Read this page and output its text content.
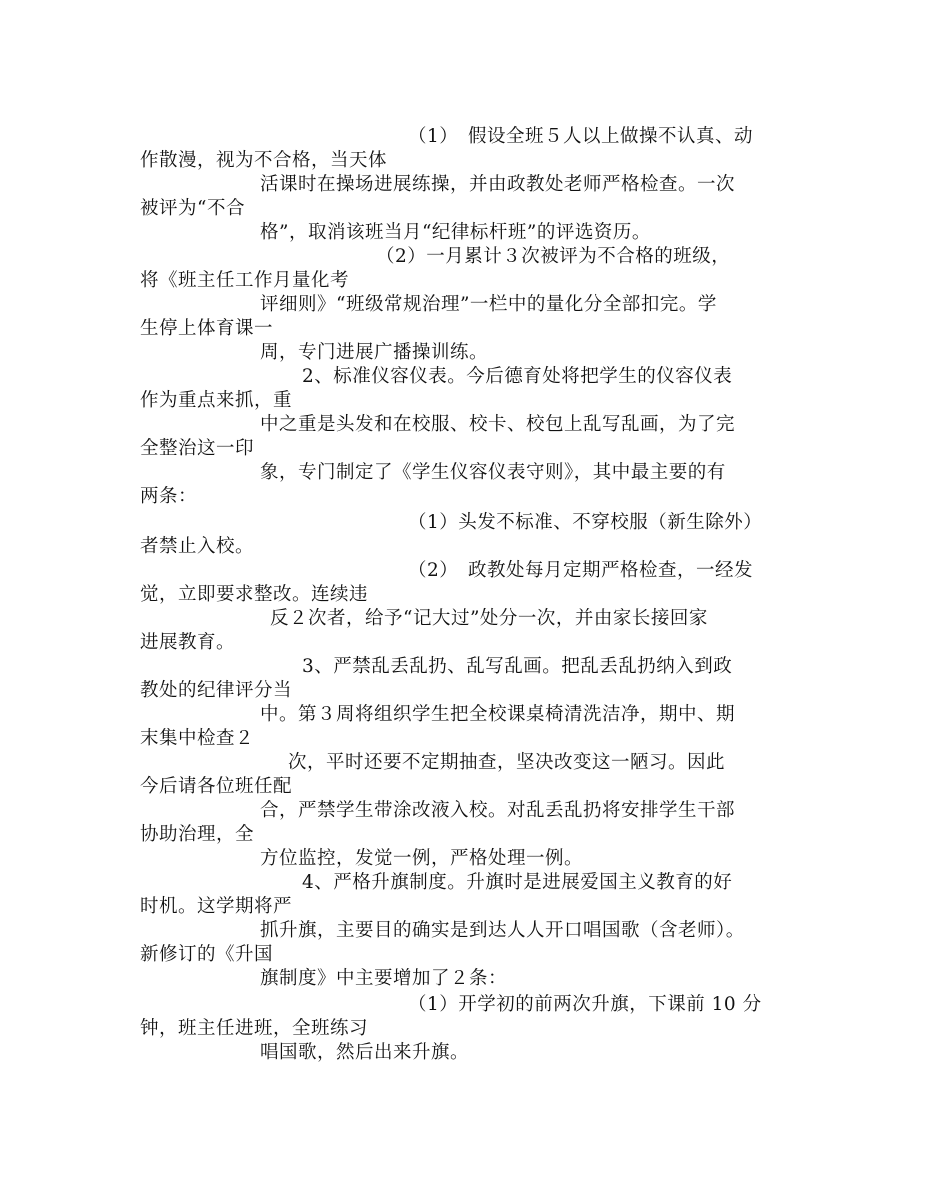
（1）　假设全班５人以上做操不认真、动
作散漫，视为不合格，当天体
活课时在操场进展练操，并由政教处老师严格检查。一次
被评为“不合
格”，取消该班当月“纪律标杆班”的评选资历。
（2）一月累计３次被评为不合格的班级，
将《班主任工作月量化考
评细则》“班级常规治理”一栏中的量化分全部扣完。学
生停上体育课一
周，专门进展广播操训练。
2、标准仪容仪表。今后德育处将把学生的仪容仪表
作为重点来抓，重
中之重是头发和在校服、校卡、校包上乱写乱画，为了完
全整治这一印
象，专门制定了《学生仪容仪表守则》，其中最主要的有
两条：
（1）头发不标准、不穿校服（新生除外）
者禁止入校。
（2）　政教处每月定期严格检查，一经发
觉，立即要求整改。连续违
反２次者，给予“记大过”处分一次，并由家长接回家
进展教育。
3、严禁乱丢乱扔、乱写乱画。把乱丢乱扔纳入到政
教处的纪律评分当
中。第３周将组织学生把全校课桌椅清洗洁净，期中、期
末集中检查２
次，平时还要不定期抽查，坚决改变这一陋习。因此
今后请各位班任配
合，严禁学生带涂改液入校。对乱丢乱扔将安排学生干部
协助治理，全
方位监控，发觉一例，严格处理一例。
4、严格升旗制度。升旗时是进展爱国主义教育的好
时机。这学期将严
抓升旗，主要目的确实是到达人人开口唱国歌（含老师）。
新修订的《升国
旗制度》中主要增加了２条：
（1）开学初的前两次升旗，下课前 10 分
钟，班主任进班，全班练习
唱国歌，然后出来升旗。
